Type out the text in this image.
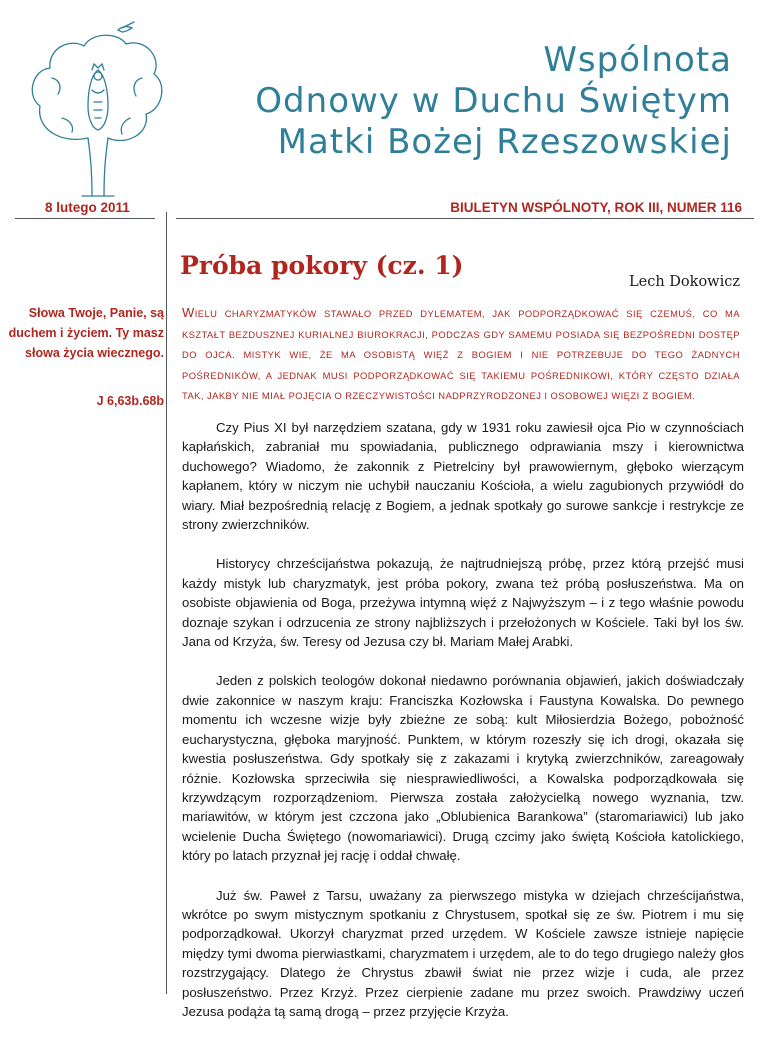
Wspólnota
Odnowy w Duchu Świętym
Matki Bożej Rzeszowskiej
8 lutego 2011	BIULETYN WSPÓLNOTY, ROK III, NUMER 116
Próba pokory (cz. 1)
Lech Dokowicz
Słowa Twoje, Panie, są duchem i życiem. Ty masz słowa życia wiecznego.
J 6,63b.68b
WIELU CHARYZMATYKÓW STAWAŁO PRZED DYLEMATEM, JAK PODPORZĄDKOWAĆ SIĘ CZEMUŚ, CO MA KSZTAŁT BEZDUSZNEJ KURIALNEJ BIUROKRACJI, PODCZAS GDY SAMEMU POSIADA SIĘ BEZPOŚREDNI DOSTĘP DO OJCA. MISTYK WIE, ŻE MA OSOBISTĄ WIĘŹ Z BOGIEM I NIE POTRZEBUJE DO TEGO ŻADNYCH POŚREDNIKÓW, A JEDNAK MUSI PODPORZĄDKOWAĆ SIĘ TAKIEMU POŚREDNIKOWI, KTÓRY CZĘSTO DZIAŁA TAK, JAKBY NIE MIAŁ POJĘCIA O RZECZYWISTOŚCI NADPRZYRODZONEJ I OSOBOWEJ WIĘZI Z BOGIEM.

Czy Pius XI był narzędziem szatana, gdy w 1931 roku zawiesił ojca Pio w czynnościach kapłańskich, zabraniał mu spowiadania, publicznego odprawiania mszy i kierownictwa duchowego? Wiadomo, że zakonnik z Pietrelciny był prawowiernym, głęboko wierzącym kapłanem, który w niczym nie uchybił nauczaniu Kościoła, a wielu zagubionych przywiódł do wiary. Miał bezpośrednią relację z Bogiem, a jednak spotkały go surowe sankcje i restrykcje ze strony zwierzchników.

Historycy chrześcijaństwa pokazują, że najtrudniejszą próbę, przez którą przejść musi każdy mistyk lub charyzmatyk, jest próba pokory, zwana też próbą posłuszeństwa. Ma on osobiste objawienia od Boga, przeżywa intymną więź z Najwyższym – i z tego właśnie powodu doznaje szykan i odrzucenia ze strony najbliższych i przełożonych w Kościele. Taki był los św. Jana od Krzyża, św. Teresy od Jezusa czy bł. Mariam Małej Arabki.

Jeden z polskich teologów dokonał niedawno porównania objawień, jakich doświadczały dwie zakonnice w naszym kraju: Franciszka Kozłowska i Faustyna Kowalska. Do pewnego momentu ich wczesne wizje były zbieżne ze sobą: kult Miłosierdzia Bożego, pobożność eucharystyczna, głęboka maryjność. Punktem, w którym rozeszły się ich drogi, okazała się kwestia posłuszeństwa. Gdy spotkały się z zakazami i krytyką zwierzchników, zareagowały różnie. Kozłowska sprzeciwiła się niesprawiedliwości, a Kowalska podporządkowała się krzywdzącym rozporządzeniom. Pierwsza została założycielką nowego wyznania, tzw. mariawitów, w którym jest czczona jako „Oblubienica Barankowa” (staromariawici) lub jako wcielenie Ducha Świętego (nowomariawici). Drugą czcimy jako świętą Kościoła katolickiego, który po latach przyznał jej rację i oddał chwałę.

Już św. Paweł z Tarsu, uważany za pierwszego mistyka w dziejach chrześcijaństwa, wkrótce po swym mistycznym spotkaniu z Chrystusem, spotkał się ze św. Piotrem i mu się podporządkował. Ukorzył charyzmat przed urzędem. W Kościele zawsze istnieje napięcie między tymi dwoma pierwiastkami, charyzmatem i urzędem, ale to do tego drugiego należy głos rozstrzygający. Dlatego że Chrystus zbawił świat nie przez wizje i cuda, ale przez posłuszeństwo. Przez Krzyż. Przez cierpienie zadane mu przez swoich. Prawdziwy uczeń Jezusa podąża tą samą drogą – przez przyjęcie Krzyża.
